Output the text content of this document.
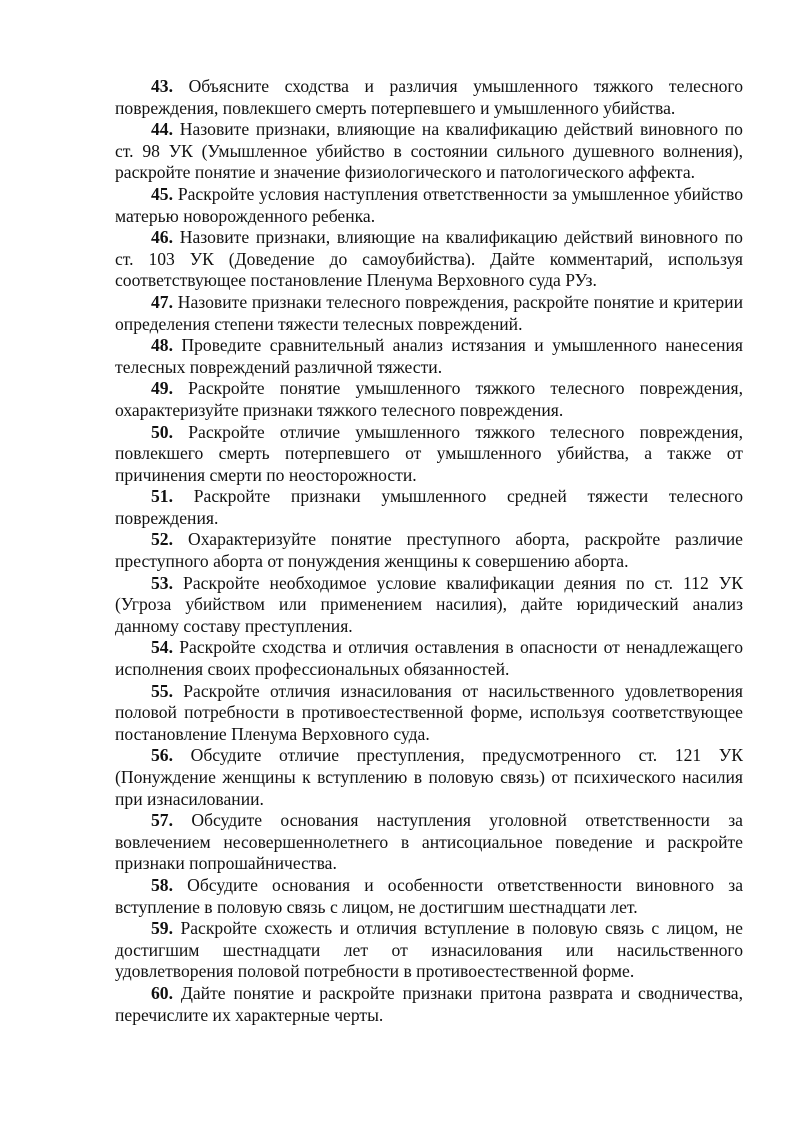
43. Объясните сходства и различия умышленного тяжкого телесного повреждения, повлекшего смерть потерпевшего и умышленного убийства.

44. Назовите признаки, влияющие на квалификацию действий виновного по ст. 98 УК (Умышленное убийство в состоянии сильного душевного волнения), раскройте понятие и значение физиологического и патологического аффекта.

45. Раскройте условия наступления ответственности за умышленное убийство матерью новорожденного ребенка.

46. Назовите признаки, влияющие на квалификацию действий виновного по ст. 103 УК (Доведение до самоубийства). Дайте комментарий, используя соответствующее постановление Пленума Верховного суда РУз.

47. Назовите признаки телесного повреждения, раскройте понятие и критерии определения степени тяжести телесных повреждений.

48. Проведите сравнительный анализ истязания и умышленного нанесения телесных повреждений различной тяжести.

49. Раскройте понятие умышленного тяжкого телесного повреждения, охарактеризуйте признаки тяжкого телесного повреждения.

50. Раскройте отличие умышленного тяжкого телесного повреждения, повлекшего смерть потерпевшего от умышленного убийства, а также от причинения смерти по неосторожности.

51. Раскройте признаки умышленного средней тяжести телесного повреждения.

52. Охарактеризуйте понятие преступного аборта, раскройте различие преступного аборта от понуждения женщины к совершению аборта.

53. Раскройте необходимое условие квалификации деяния по ст. 112 УК (Угроза убийством или применением насилия), дайте юридический анализ данному составу преступления.

54. Раскройте сходства и отличия оставления в опасности от ненадлежащего исполнения своих профессиональных обязанностей.

55. Раскройте отличия изнасилования от насильственного удовлетворения половой потребности в противоестественной форме, используя соответствующее постановление Пленума Верховного суда.

56. Обсудите отличие преступления, предусмотренного ст. 121 УК (Понуждение женщины к вступлению в половую связь) от психического насилия при изнасиловании.

57. Обсудите основания наступления уголовной ответственности за вовлечением несовершеннолетнего в антисоциальное поведение и раскройте признаки попрошайничества.

58. Обсудите основания и особенности ответственности виновного за вступление в половую связь с лицом, не достигшим шестнадцати лет.

59. Раскройте схожесть и отличия вступление в половую связь с лицом, не достигшим шестнадцати лет от изнасилования или насильственного удовлетворения половой потребности в противоестественной форме.

60. Дайте понятие и раскройте признаки притона разврата и сводничества, перечислите их характерные черты.
